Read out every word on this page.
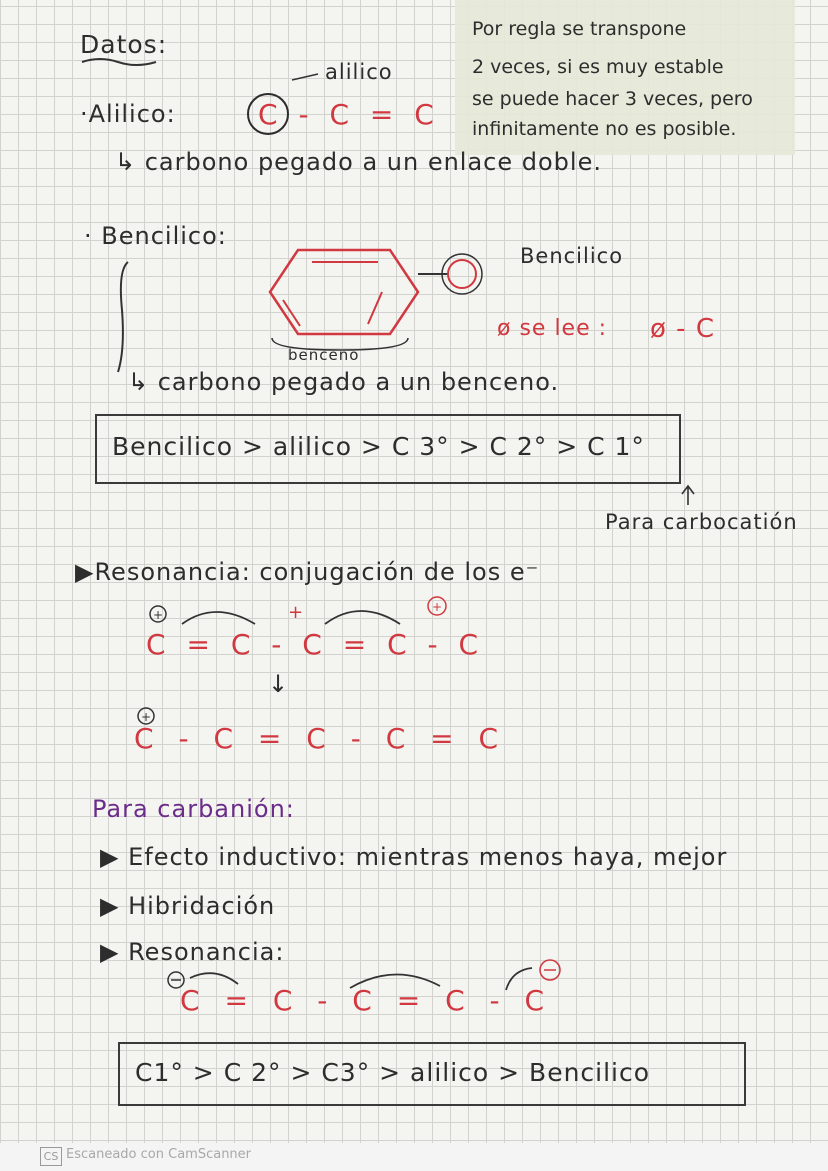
Por regla se transpone
2 veces, si es muy estable
se puede hacer 3 veces, pero
infinitamente no es posible.
Datos:
·Alilico:
alilico
C - C = C
↳ carbono pegado a un enlace doble.
· Bencilico:
Bencilico
benceno
ø se lee : ø - C
↳ carbono pegado a un benceno.
Bencilico > alilico > C 3° > C 2° > C 1°
Para carbocatión
▶Resonancia: conjugación de los e⁻
C = C - C = C - C
+
↓
C - C = C - C = C
Para carbanión:
▶ Efecto inductivo: mientras menos haya, mejor
▶ Hibridación
▶ Resonancia:
C = C - C = C - C
C1° > C 2° > C3° > alilico > Bencilico
+
+
+
CS Escaneado con CamScanner
